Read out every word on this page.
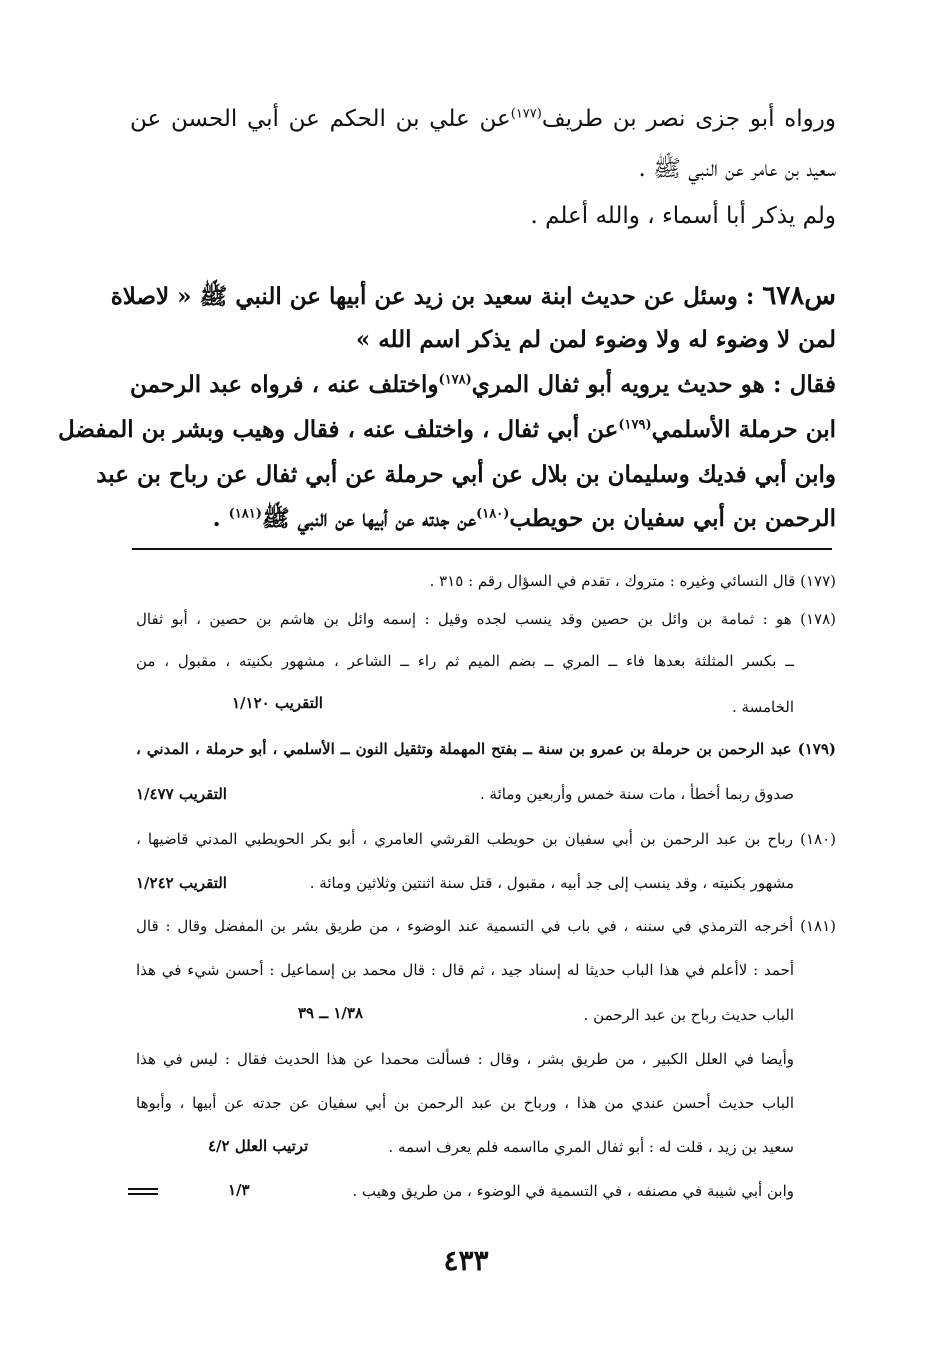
ورواه أبو جزى نصر بن طريف$^{(١٧٧)}$عن علي بن الحكم عن أبي الحسن عن
سعيد بن عامر عن النبي ﷺ .
ولم يذكر أبا أسماء ، والله أعلم .
س٦٧٨ : وسئل عن حديث ابنة سعيد بن زيد عن أبيها عن النبي ﷺ « لاصلاة
لمن لا وضوء له ولا وضوء لمن لم يذكر اسم الله »
فقال : هو حديث يرويه أبو ثفال المري$^{(١٧٨)}$واختلف عنه ، فرواه عبد الرحمن
ابن حرملة الأسلمي$^{(١٧٩)}$عن أبي ثفال ، واختلف عنه ، فقال وهيب وبشر بن المفضل
وابن أبي فديك وسليمان بن بلال عن أبي حرملة عن أبي ثفال عن رباح بن عبد
الرحمن بن أبي سفيان بن حويطب$^{(١٨٠)}$عن جدته عن أبيها عن النبي ﷺ$^{(١٨١)}$ .
(١٧٧) قال النسائي وغيره : متروك ، تقدم في السؤال رقم : ٣١٥ .
(١٧٨) هو : ثمامة بن وائل بن حصين وقد ينسب لجده وقيل : إسمه وائل بن هاشم بن حصين ، أبو ثفال
ــ بكسر المثلثة بعدها فاء ــ المري ــ بضم الميم ثم راء ــ الشاعر ، مشهور بكنيته ، مقبول ، من
الخامسة .
التقريب ١/١٢٠
(١٧٩) عبد الرحمن بن حرملة بن عمرو بن سنة ــ بفتح المهملة وتثقيل النون ــ الأسلمي ، أبو حرملة ، المدني ،
صدوق ربما أخطأ ، مات سنة خمس وأربعين ومائة .
التقريب ١/٤٧٧
(١٨٠) رباح بن عبد الرحمن بن أبي سفيان بن حويطب القرشي العامري ، أبو بكر الحويطبي المدني قاضيها ،
مشهور بكنيته ، وقد ينسب إلى جد أبيه ، مقبول ، قتل سنة اثنتين وثلاثين ومائة .
التقريب ١/٢٤٢
(١٨١) أخرجه الترمذي في سننه ، في باب في التسمية عند الوضوء ، من طريق بشر بن المفضل وقال : قال
أحمد : لاأعلم في هذا الباب حديثا له إسناد جيد ، ثم قال : قال محمد بن إسماعيل : أحسن شيء في هذا
الباب حديث رباح بن عبد الرحمن .
١/٣٨ ــ ٣٩
وأيضا في العلل الكبير ، من طريق بشر ، وقال : فسألت محمدا عن هذا الحديث فقال : ليس في هذا
الباب حديث أحسن عندي من هذا ، ورباح بن عبد الرحمن بن أبي سفيان عن جدته عن أبيها ، وأبوها
سعيد بن زيد ، قلت له : أبو ثفال المري مااسمه فلم يعرف اسمه .
ترتيب العلل ٤/٢
وابن أبي شيبة في مصنفه ، في التسمية في الوضوء ، من طريق وهيب .
١/٣
٤٣٣
